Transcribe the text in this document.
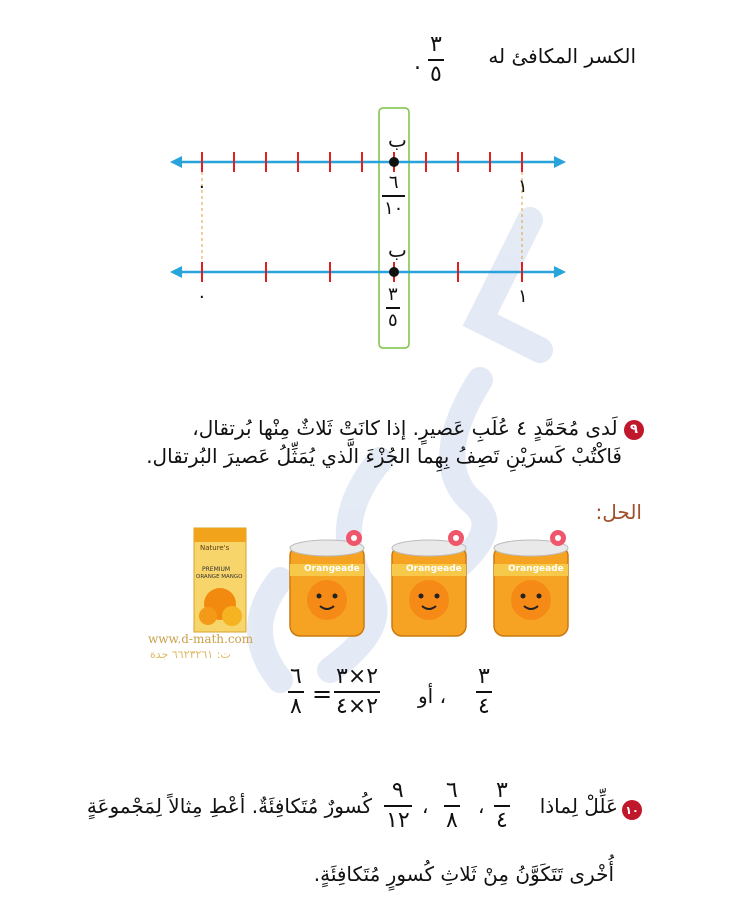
الكسر المكافئ له
٣
٥
.
ب
٠	١
٦
١٠
ب
٠	١
٣
٥
٩ لَدى مُحَمَّدٍ ٤ عُلَبِ عَصيرٍ. إذا كانَتْ ثَلاثٌ مِنْها بُرتقال،
فَاكْتُبْ كَسرَيْنِ تَصِفُ بِهِما الجُزْءَ الَّذي يُمَثِّلُ عَصيرَ البُرتقال.
الحل:
Nature's
PREMIUM
ORANGE MANGO
Orangeade	Orangeade	Orangeade
www.d-math.com
ت: ٦٦٢٣٢٦١ جدة
٣
٤
، أو
٢×٣
٢×٤
=
٦
٨
١٠
عَلِّلْ لِماذا
٣
٤
،
٦
٨
،
٩
١٢
كُسورٌ مُتَكافِئَةٌ. أعْطِ مِثالاً لِمَجْموعَةٍ
أُخْرى تَتَكَوَّنُ مِنْ ثَلاثِ كُسورٍ مُتَكافِئَةٍ.
